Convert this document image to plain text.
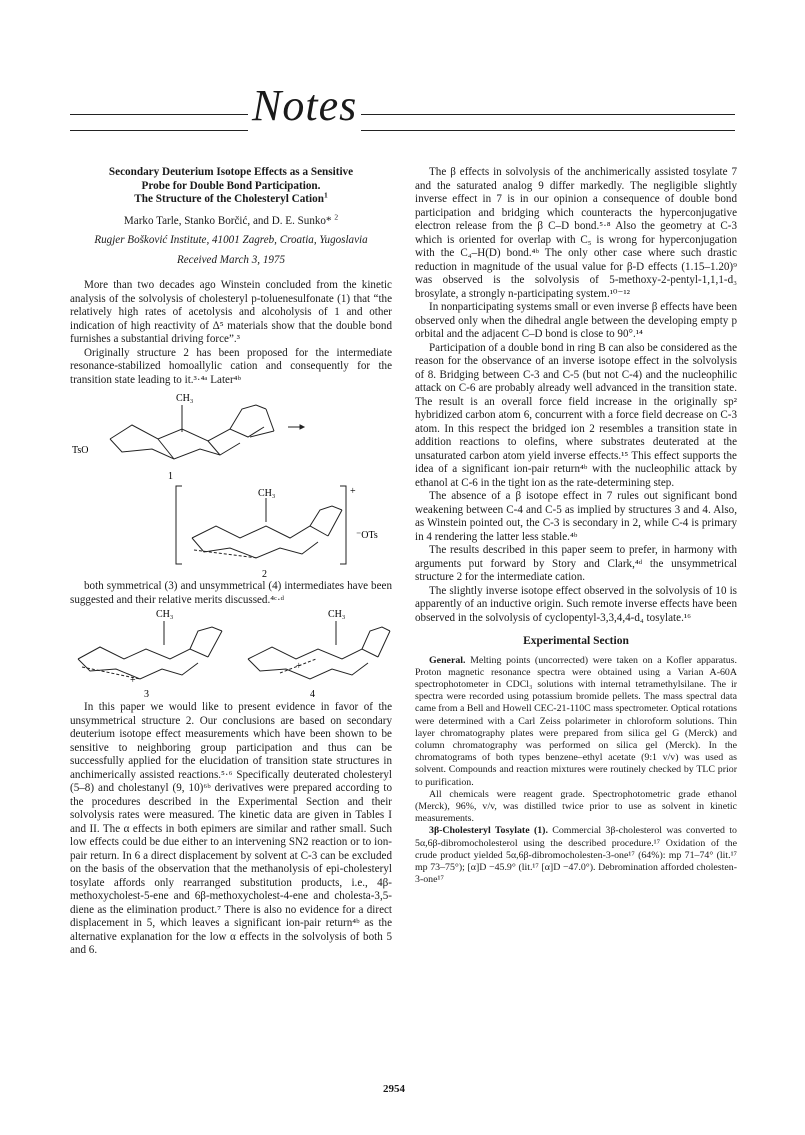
Notes
Secondary Deuterium Isotope Effects as a Sensitive
Probe for Double Bond Participation.
The Structure of the Cholesteryl Cation$^1$
Marko Tarle, Stanko Borčić, and D. E. Sunko* $^2$
Rugjer Bošković Institute, 41001 Zagreb, Croatia, Yugoslavia
Received March 3, 1975

More than two decades ago Winstein concluded from the kinetic analysis of the solvolysis of cholesteryl p-toluenesulfonate (1) that “the relatively high rates of acetolysis and alcoholysis of 1 and other indication of high reactivity of Δ⁵ materials show that the double bond furnishes a substantial driving force”.³

Originally structure 2 has been proposed for the intermediate resonance-stabilized homoallylic cation and consequently for the transition state leading to it.³·⁴ᵃ Later⁴ᵇ

CH₃
TsO
1
CH₃	+
⁻OTs
2

both symmetrical (3) and unsymmetrical (4) intermediates have been suggested and their relative merits discussed.⁴ᶜ·ᵈ

CH₃
+
3
CH₃
+
4

In this paper we would like to present evidence in favor of the unsymmetrical structure 2. Our conclusions are based on secondary deuterium isotope effect measurements which have been shown to be sensitive to neighboring group participation and thus can be successfully applied for the elucidation of transition state structures in anchimerically assisted reactions.⁵·⁶ Specifically deuterated cholesteryl (5–8) and cholestanyl (9, 10)⁶ᵇ derivatives were prepared according to the procedures described in the Experimental Section and their solvolysis rates were measured. The kinetic data are given in Tables I and II. The α effects in both epimers are similar and rather small. Such low effects could be due either to an intervening SN2 reaction or to ion-pair return. In 6 a direct displacement by solvent at C-3 can be excluded on the basis of the observation that the methanolysis of epi-cholesteryl tosylate affords only rearranged substitution products, i.e., 4β-methoxycholest-5-ene and 6β-methoxycholest-4-ene and cholesta-3,5-diene as the elimination product.⁷ There is also no evidence for a direct displacement in 5, which leaves a significant ion-pair return⁴ᵇ as the alternative explanation for the low α effects in the solvolysis of both 5 and 6.

The β effects in solvolysis of the anchimerically assisted tosylate 7 and the saturated analog 9 differ markedly. The negligible slightly inverse effect in 7 is in our opinion a consequence of double bond participation and bridging which counteracts the hyperconjugative electron release from the β C–D bond.⁵·⁸ Also the geometry at C-3 which is oriented for overlap with C₅ is wrong for hyperconjugation with the C₄–H(D) bond.⁴ᵇ The only other case where such drastic reduction in magnitude of the usual value for β-D effects (1.15–1.20)⁹ was observed is the solvolysis of 5-methoxy-2-pentyl-1,1,1-d₃ brosylate, a strongly n-participating system.¹⁰⁻¹²

In nonparticipating systems small or even inverse β effects have been observed only when the dihedral angle between the developing empty p orbital and the adjacent C–D bond is close to 90°.¹⁴

Participation of a double bond in ring B can also be considered as the reason for the observance of an inverse isotope effect in the solvolysis of 8. Bridging between C-3 and C-5 (but not C-4) and the nucleophilic attack on C-6 are probably already well advanced in the transition state. The result is an overall force field increase in the originally sp² hybridized carbon atom 6, concurrent with a force field decrease on C-3 atom. In this respect the bridged ion 2 resembles a transition state in addition reactions to olefins, where substrates deuterated at the unsaturated carbon atom yield inverse effects.¹⁵ This effect supports the idea of a significant ion-pair return⁴ᵇ with the nucleophilic attack by ethanol at C-6 in the tight ion as the rate-determining step.

The absence of a β isotope effect in 7 rules out significant bond weakening between C-4 and C-5 as implied by structures 3 and 4. Also, as Winstein pointed out, the C-3 is secondary in 2, while C-4 is primary in 4 rendering the latter less stable.⁴ᵇ

The results described in this paper seem to prefer, in harmony with arguments put forward by Story and Clark,⁴ᵈ the unsymmetrical structure 2 for the intermediate cation.

The slightly inverse isotope effect observed in the solvolysis of 10 is apparently of an inductive origin. Such remote inverse effects have been observed in the solvolysis of cyclopentyl-3,3,4,4-d₄ tosylate.¹⁶

Experimental Section

General. Melting points (uncorrected) were taken on a Kofler apparatus. Proton magnetic resonance spectra were obtained using a Varian A-60A spectrophotometer in CDCl₃ solutions with internal tetramethylsilane. The ir spectra were recorded using potassium bromide pellets. The mass spectral data came from a Bell and Howell CEC-21-110C mass spectrometer. Optical rotations were determined with a Carl Zeiss polarimeter in chloroform solutions. Thin layer chromatography plates were prepared from silica gel G (Merck) and column chromatography was performed on silica gel (Merck). In the chromatograms of both types benzene–ethyl acetate (9:1 v/v) was used as solvent. Compounds and reaction mixtures were routinely checked by TLC prior to purification.

All chemicals were reagent grade. Spectrophotometric grade ethanol (Merck), 96%, v/v, was distilled twice prior to use as solvent in kinetic measurements.

3β-Cholesteryl Tosylate (1). Commercial 3β-cholesterol was converted to 5α,6β-dibromocholesterol using the described procedure.¹⁷ Oxidation of the crude product yielded 5α,6β-dibromocholesten-3-one¹⁷ (64%): mp 71–74° (lit.¹⁷ mp 73–75°); [α]D −45.9° (lit.¹⁷ [α]D −47.0°). Debromination afforded cholesten-3-one¹⁷

2954
